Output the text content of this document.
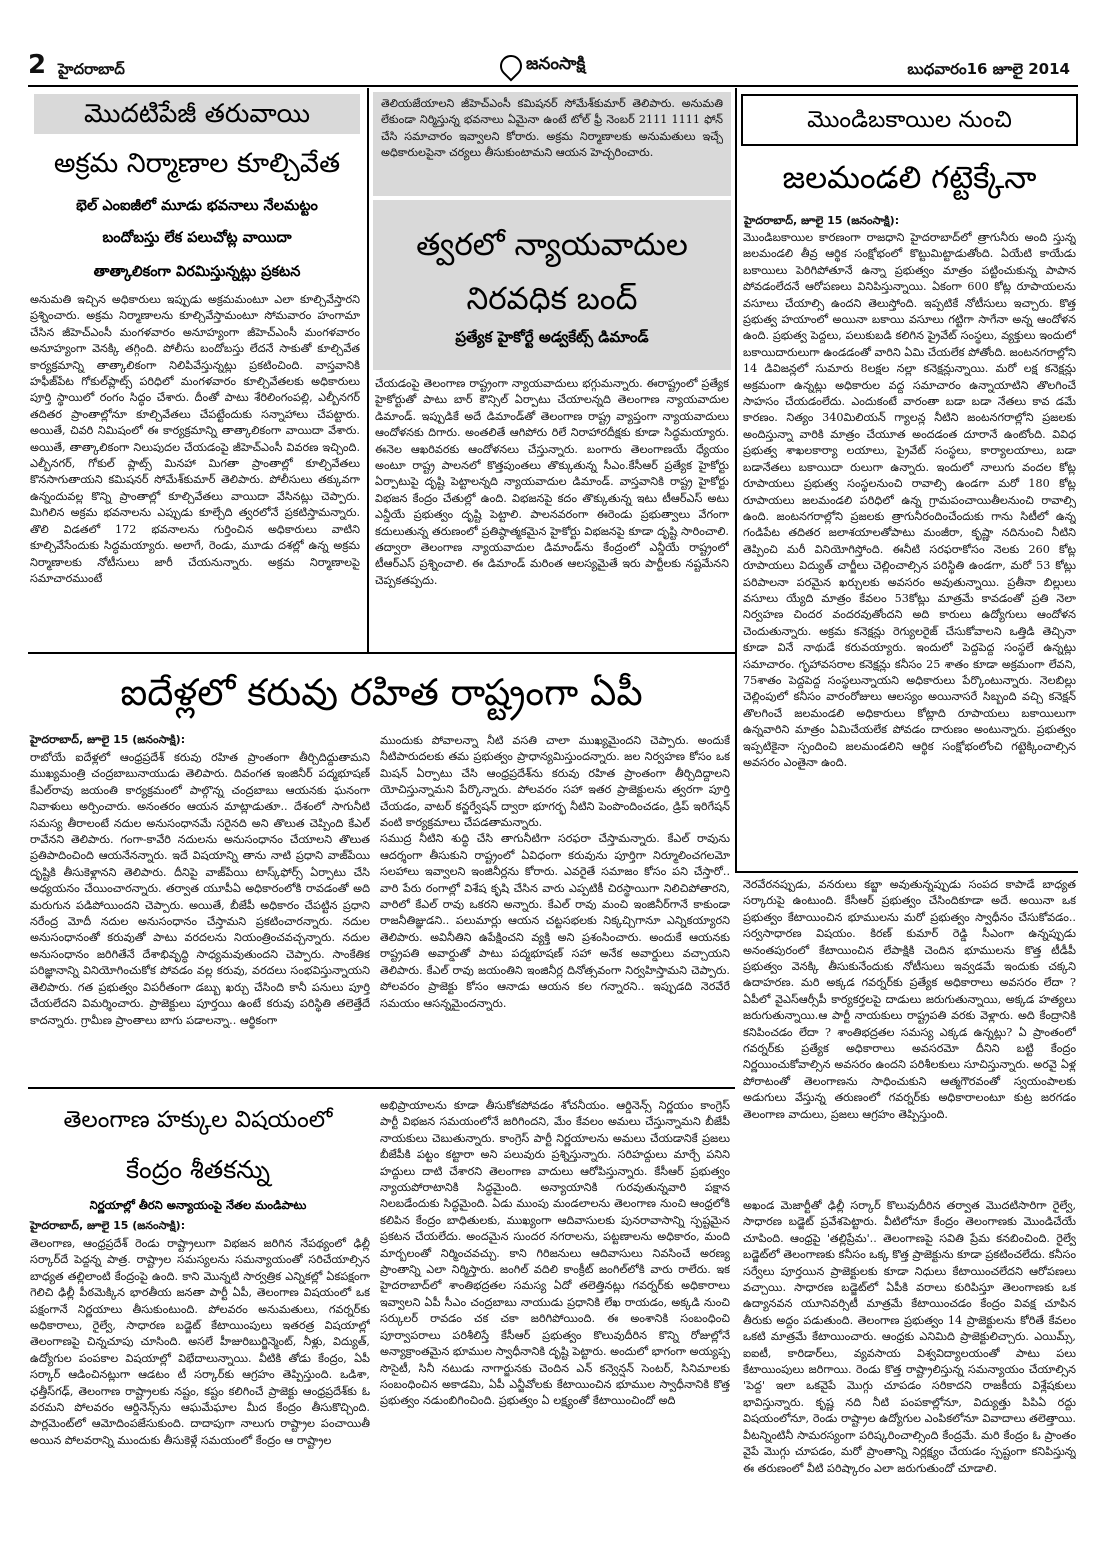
2 హైదరాబాద్	జనంసాక్షి	బుధవారం16 జూలై 2014
మొదటిపేజీ తరువాయి
అక్రమ నిర్మాణాల కూల్చివేత
భెల్ ఎంఐజీలో మూడు భవనాలు నేలమట్టం
బందోబస్తు లేక పలుచోట్ల వాయిదా
తాత్కాలికంగా విరమిస్తున్నట్లు ప్రకటన

అనుమతి ఇచ్చిన అధికారులు ఇప్పుడు అక్రమమంటూ ఎలా కూల్చివేస్తారని ప్రశ్నించారు. అక్రమ నిర్మాణాలను కూల్చివేస్తామంటూ సోమవారం హంగామా చేసిన జీహెచ్‌ఎంసీ మంగళవారం అనూహ్యంగా జీహెచ్‌ఎంసీ మంగళవారం అనూహ్యంగా వెనక్కి తగ్గింది. పోలీసు బందోబస్తు లేదనే సాకుతో కూల్చివేత కార్యక్రమాన్ని తాత్కాలికంగా నిలిపివేస్తున్నట్లు ప్రకటించింది. వాస్తవానికి హఫీజ్‌పేట గోకుల్‌ప్లాట్స్ పరిధిలో మంగళవారం కూల్చివేతలకు అధికారులు పూర్తి స్థాయిలో రంగం సిద్ధం చేశారు. దీంతో పాటు శేరిలింగంపల్లి, ఎల్బీనగర్ తదితర ప్రాంతాల్లోనూ కూల్చివేతలు చేపట్టేందుకు సన్నాహాలు చేపట్టారు. అయితే, చివరి నిమిషంలో ఈ కార్యక్రమాన్ని తాత్కాలికంగా వాయిదా వేశారు. అయితే, తాత్కాలికంగా నిలుపుదల చేయడంపై జీహెచ్‌ఎంసీ వివరణ ఇచ్చింది. ఎల్బీనగర్, గోకుల్ ప్లాట్స్ మినహా మిగతా ప్రాంతాల్లో కూల్చివేతలు కొనసాగుతాయని కమిషనర్ సోమేశ్‌కుమార్ తెలిపారు. పోలీసులు తక్కువగా ఉన్నందువల్ల కొన్ని ప్రాంతాల్లో కూల్చివేతలు వాయిదా వేసినట్లు చెప్పారు. మిగిలిన అక్రమ భవనాలను ఎప్పుడు కూల్చేది త్వరలోనే ప్రకటిస్తామన్నారు. తొలి విడతలో 172 భవనాలను గుర్తించిన అధికారులు వాటిని కూల్చివేసేందుకు సిద్ధమయ్యారు. అలాగే, రెండు, మూడు దశల్లో ఉన్న అక్రమ నిర్మాణాలకు నోటీసులు జారీ చేయనున్నారు. అక్రమ నిర్మాణాలపై సమాచారముంటే

తెలియజేయాలని జీహెచ్‌ఎంసీ కమిషనర్ సోమేశ్‌కుమార్ తెలిపారు. అనుమతి లేకుండా నిర్మిస్తున్న భవనాలు ఏమైనా ఉంటే టోల్ ఫ్రీ నెంబర్ 2111 1111 ఫోన్ చేసి సమాచారం ఇవ్వాలని కోరారు. అక్రమ నిర్మాణాలకు అనుమతులు ఇచ్చే అధికారులపైనా చర్యలు తీసుకుంటామని ఆయన హెచ్చరించారు.

త్వరలో న్యాయవాదుల
నిరవధిక బంద్
ప్రత్యేక హైకోర్టే అడ్వకేట్స్ డిమాండ్

చేయడంపై తెలంగాణ రాష్ట్రంగా న్యాయవాదులు భగ్గుమన్నారు. ఈరాష్ట్రంలో ప్రత్యేక హైకోర్టుతో పాటు బార్ కౌన్సిల్ ఏర్పాటు చేయాలన్నది తెలంగాణ న్యాయవాదుల డిమాండ్. ఇప్పుడికే అదే డిమాండ్‌తో తెలంగాణ రాష్ట్ర వ్యాప్తంగా న్యాయవాదులు ఆందోళనకు దిగారు. అంతలితే ఆగిపోరు రిలే నిరాహారదీక్షకు కూడా సిద్ధమయ్యారు. ఈనెల ఆఖరివరకు ఆందోళనలు చేస్తున్నారు. బంగారు తెలంగాణయే ధ్యేయం అంటూ రాష్ట్ర పాలనలో కొత్తపుంతలు తొక్కుతున్న సీఎం.కేసీఆర్ ప్రత్యేక హైకోర్టు ఏర్పాటుపై దృష్టి పెట్టాలన్నది న్యాయవాదుల డిమాండ్. వాస్తవానికి రాష్ట్ర హైకోర్టు విభజన కేంద్రం చేతుల్లో ఉంది. విభజనపై కదం తొక్కుతున్న ఇటు టీఆర్ఎస్ అటు ఎన్డీయే ప్రభుత్వం దృష్టి పెట్టాలి. పాలనవరంగా ఈరెండు ప్రభుత్వాలు వేగంగా కదులుతున్న తరుణంలో ప్రతిష్ఠాత్మకమైన హైకోర్టు విభజనపై కూడా దృష్టి సారించాలి. తద్వారా తెలంగాణ న్యాయవాదుల డిమాండ్‌ను కేంద్రంలో ఎన్డీయే రాష్ట్రంలో టీఆర్ఎస్ ప్రశ్నించాలి. ఈ డిమాండ్ మరింత ఆలస్యమైతే ఇరు పార్టీలకు నష్టమేనని చెప్పకతప్పదు.

మొండిబకాయిల నుంచి
జలమండలి గట్టెక్కేనా
హైదరాబాద్, జూలై 15 (జనంసాక్షి):

మొండిబకాయిల కారణంగా రాజధాని హైదరాబాద్‌లో త్రాగునీరు అంది స్తున్న జలమండలి తీవ్ర ఆర్థిక సంక్షోభంలో కొట్టుమిట్టాడుతోంది. ఏయేటి కాయేడు బకాయిలు పెరిగిపోతూనే ఉన్నా ప్రభుత్వం మాత్రం పట్టించుకున్న పాపాన పోవడంలేదనే ఆరోపణలు వినిపిస్తున్నాయి. ఏకంగా 600 కోట్ల రూపాయలను వసూలు చేయాల్సి ఉందని తెలుస్తోంది. ఇప్పటికే నోటీసులు ఇచ్చారు. కొత్త ప్రభుత్వ హయాంలో అయినా బకాయి వసూలు గట్టిగా సాగేనా అన్న ఆందోళన ఉంది. ప్రభుత్వ పెద్దలు, పలుకుబడి కలిగిన ప్రైవేట్ సంస్థలు, వ్యక్తులు ఇందులో బకాయిదారులుగా ఉండడంతో వారిని ఏమి చేయలేక పోతోంది. జంటనగరాల్లోని 14 డివిజన్లలో సుమారు 8లక్షల నల్లా కనెక్షన్లున్నాయి. మరో లక్ష కనెక్షన్లు అక్రమంగా ఉన్నట్లు అధికారుల వద్ద సమాచారం ఉన్నాయాటిని తొలగించే సాహసం చేయడంలేదు. ఎందుకంటే వారంతా బడా బడా నేతలు కావ డమే కారణం. నిత్యం 340మిలియన్ గ్యాలన్ల నీటిని జంటనగరాల్లోని ప్రజలకు అందిస్తున్నా వారికి మాత్రం చేయూత అందడంత దూరానే ఉంటోంది. వివిధ ప్రభుత్వ శాఖలకార్యా లయాలు, ప్రైవేట్ సంస్థలు, కార్యాలయాలు, బడా బడానేతలు బకాయిదా రులుగా ఉన్నారు. ఇందులో నాలుగు వందల కోట్ల రూపాయలు ప్రభుత్వ సంస్థలనుంచి రావాల్సి ఉండగా మరో 180 కోట్ల రూపాయలు జలమండలి పరిధిలో ఉన్న గ్రామపంచాయితీలనుంచి రావాల్సి ఉంది. జంటనగరాల్లోని ప్రజలకు త్రాగునీరందించేందుకు గాను సిటీలో ఉన్న గండిపేట తదితర జలాశయాలతోపాటు మంజీరా, కృష్ణా నదినుంచి నీటిని తెప్పించి మరీ వినియోగిస్తోంది. ఈనీటి సరఫరాకోసం నెలకు 260 కోట్ల రూపాయలు విద్యుత్ చార్జీలు చెల్లించాల్సిన పరిస్థితి ఉండగా, మరో 53 కోట్లు పరిపాలనా పరమైన ఖర్చులకు అవసరం అవుతున్నాయి. ప్రతీనా బిల్లులు వసూలు య్యేది మాత్రం కేవలం 53కోట్లు మాత్రమే కావడంతో ప్రతి నెలా నిర్వహణ చిందర వందరవుతోందని అది కారులు ఉద్యోగులు ఆందోళన చెందుతున్నారు. అక్రమ కనెక్షన్లు రెగ్యులరైజ్ చేసుకోవాలని ఒత్తిడి తెచ్చినా కూడా వినే నాథుడే కరువయ్యారు. ఇందులో పెద్దపెద్ద సంస్థలే ఉన్నట్లు సమాచారం. గృహావసరాల కనెక్షన్లు కనీసం 25 శాతం కూడా అక్రమంగా లేవని, 75శాతం పెద్దపెద్ద సంస్థలున్నాయని అధికారులు పేర్కొంటున్నారు. నెలబిల్లు చెల్లింపులో కనీసం వారంరోజులు ఆలస్యం అయినాసరే సిబ్బంది వచ్చి కనెక్షన్ తొలగించే జలమండలి అధికారులు కోట్లాది రూపాయలు బకాయిలుగా ఉన్నవారిని మాత్రం ఏమిచేయలేక పోవడం దారుణం అంటున్నారు. ప్రభుత్వం ఇప్పటికైనా స్పందించి జలమండలిని ఆర్థిక సంక్షోభంలోంచి గట్టెక్కించాల్సిన అవసరం ఎంతైనా ఉంది.

నెరవేరనప్పుడు, వనరులు కబ్జా అవుతున్నప్పుడు సంపద కాపాడే బాధ్యత సర్కారుపై ఉంటుంది. కేసీఆర్ ప్రభుత్వం చేసిందికూడా అదే. అయినా ఒక ప్రభుత్వం కేటాయించిన భూములను మరో ప్రభుత్వం స్వాధీనం చేసుకోవడం.. సర్వసాధారణ విషయం. కిరణ్ కుమార్ రెడ్డి సీఎంగా ఉన్నప్పుడు అనంతపురంలో కేటాయించిన లేపాక్షికి చెందిన భూములను కొత్త టీడీపీ ప్రభుత్వం వెనక్కి తీసుకునేందుకు నోటీసులు ఇవ్వడమే ఇందుకు చక్కని ఉదాహరణ. మరి అక్కడ గవర్నర్‌కు ప్రత్యేక అధికారాలు అవసరం లేదా ? ఏపీలో వైఎస్ఆర్సీపీ కార్యకర్తలపై దాడులు జరుగుతున్నాయి, అక్కడ హత్యలు జరుగుతున్నాయి.ఆ పార్టీ నాయకులు రాష్ట్రపతి వరకు వెళ్లారు. అది కేంద్రానికి కనిపించడం లేదా ? శాంతిభద్రతల సమస్య ఎక్కడ ఉన్నట్లు? ఏ ప్రాంతంలో గవర్నర్‌కు ప్రత్యేక అధికారాలు అవసరమో దీనిని బట్టి కేంద్రం నిర్ణయించుకోవాల్సిన అవసరం ఉందని పరిశీలకులు సూచిస్తున్నారు. అరవై ఏళ్ల పోరాటంతో తెలంగాణను సాధించుకుని ఆత్మగౌరవంతో స్వయంపాలకు అడుగులు వేస్తున్న తరుణంలో గవర్నర్‌కు అధికారాలంటూ కుట్ర జరగడం తెలంగాణ వాదులు, ప్రజలు ఆగ్రహం తెప్పిస్తుంది.

అఖండ మెజార్టీతో ఢిల్లీ సర్కార్ కొలువుదీరిన తర్వాత మొదటిసారిగా రైల్వే, సాధారణ బడ్జెట్ ప్రవేశపెట్టారు. వీటిలోనూ కేంద్రం తెలంగాణకు మొండిచేయే చూపింది. ఆంధ్రపై 'తల్లిప్రేమ'.. తెలంగాణపై సవితి ప్రేమ కనబించింది. రైల్వే బడ్జెట్‌లో తెలంగాణకు కనీసం ఒక్క కొత్త ప్రాజెక్టును కూడా ప్రకటించలేదు. కనీసం సర్వేలు పూర్తయిన ప్రాజెక్టులకు కూడా నిధులు కేటాయించలేదని ఆరోపణలు వచ్చాయి. సాధారణ బడ్జెట్‌లో ఏపీకి వరాలు కురిపిస్తూ తెలంగాణకు ఒక ఉద్యానవన యూనివర్సిటీ మాత్రమే కేటాయించడం కేంద్రం వివక్ష చూపిన తీరుకు అద్దం పడుతుంది. తెలంగాణ ప్రభుత్వం 14 ప్రాజెక్టులను కోరితే కేవలం ఒకటి మాత్రమే కేటాయించారు. ఆంధ్రకు ఎనిమిది ప్రాజెక్టులిచ్చారు. ఎయిమ్స్, ఐఐటీ, కారిడార్‌లు, వ్యవసాయ విశ్వవిద్యాలయంతో పాటు పలు కేటాయింపులు జరిగాయి. రెండు కొత్త రాష్ట్రాలిస్తున్న సమన్యాయం చేయాల్సిన 'పెద్ద' ఇలా ఒకవైపే మొగ్గు చూపడం సరికాదని రాజకీయ విశ్లేషకులు భావిస్తున్నారు. కృష్ణ నది నీటి పంపకాల్లోనూ, విద్యుత్తు పిపిఏ రద్దు విషయంలోనూ, రెండు రాష్ట్రాల ఉద్యోగుల ఎంపికలోనూ వివాదాలు తలెత్తాయి. వీటన్నింటినీ సామరస్యంగా పరిష్కరించాల్సింది కేంద్రమే. మరి కేంద్రం ఓ ప్రాంతం వైపే మొగ్గు చూపడం, మరో ప్రాంతాన్ని నిర్లక్ష్యం చేయడం స్పష్టంగా కనిపిస్తున్న ఈ తరుణంలో వీటి పరిష్కారం ఎలా జరుగుతుందో చూడాలి.

ఐదేళ్లలో కరువు రహిత రాష్ట్రంగా ఏపీ
హైదరాబాద్, జూలై 15 (జనంసాక్షి):

రాబోయే ఐదేళ్లలో ఆంధ్రప్రదేశ్ కరువు రహిత ప్రాంతంగా తీర్చిదిద్దుతామని ముఖ్యమంత్రి చంద్రబాబునాయుడు తెలిపారు. దివంగత ఇంజినీర్ పద్మభూషణ్ కేఎల్‌రావు జయంతి కార్యక్రమంలో పాల్గొన్న చంద్రబాబు ఆయనకు ఘనంగా నివాళులు అర్పించారు. అనంతరం ఆయన మాట్లాడుతూ.. దేశంలో సాగునీటి సమస్య తీరాలంటే నదుల అనుసంధానమే సరైనది అని తొలుత చెప్పింది కేఎల్ రావేనని తెలిపారు. గంగా-కావేరి నదులను అనుసంధానం చేయాలని తొలుత ప్రతిపాదించింది ఆయనేనన్నారు. ఇదే విషయాన్ని తాను నాటి ప్రధాని వాజ్‌పేయి దృష్టికి తీసుకెళ్లానని తెలిపారు. దీనిపై వాజ్‌పేయి టాస్క్‌ఫోర్స్ ఏర్పాటు చేసి అధ్యయనం చేయించారన్నారు. తర్వాత యూపీఏ అధికారంలోకి రావడంతో అది మరుగున పడిపోయిందని చెప్పారు. అయితే, బీజేపీ అధికారం చేపట్టిన ప్రధాని నరేంద్ర మోదీ నదుల అనుసంధానం చేస్తామని ప్రకటించారన్నారు. నదుల అనుసంధానంతో కరువుతో పాటు వరదలను నియంత్రించవచ్చన్నారు. నదుల అనుసంధానం జరిగితేనే దేశాభివృద్ధి సాధ్యమవుతుందని చెప్పారు. సాంకేతిక పరిజ్ఞానాన్ని వినియోగించుకోక పోవడం వల్ల కరువు, వరదలు సంభవిస్తున్నాయని తెలిపారు. గత ప్రభుత్వం విపరీతంగా డబ్బు ఖర్చు చేసింది కానీ పనులు పూర్తి చేయలేదని విమర్శించారు. ప్రాజెక్టులు పూర్తయి ఉంటే కరువు పరిస్థితి తలెత్తేదే కాదన్నారు. గ్రామీణ ప్రాంతాలు బాగు పడాలన్నా.. ఆర్థికంగా

ముందుకు పోవాలన్నా నీటి వసతి చాలా ముఖ్యమైందని చెప్పారు. అందుకే నీటిపారుదలకు తమ ప్రభుత్వం ప్రాధాన్యమిస్తుందన్నారు. జల నిర్వహణ కోసం ఒక మిషన్ ఏర్పాటు చేసి ఆంధ్రప్రదేశ్‌ను కరువు రహిత ప్రాంతంగా తీర్చిదిద్దాలని యోచిస్తున్నామని పేర్కొన్నారు. పోలవరం సహా ఇతర ప్రాజెక్టులను త్వరగా పూర్తి చేయడం, వాటర్ కన్జర్వేషన్ ద్వారా భూగర్భ నీటిని పెంపొందించడం, డ్రిప్ ఇరిగేషన్ వంటి కార్యక్రమాలు చేపడతామన్నారు.
సముద్ర నీటిని శుద్ధి చేసి తాగునీటిగా సరఫరా చేస్తామన్నారు. కేఎల్ రావును ఆదర్శంగా తీసుకుని రాష్ట్రంలో ఏవిధంగా కరువును పూర్తిగా నిర్మూలించగలమో సలహాలు ఇవ్వాలని ఇంజినీర్లను కోరారు. ఎవరైతే సమాజం కోసం పని చేస్తారో.. వారి పేరు రంగాల్లో విశేష కృషి చేసిన వారు ఎప్పటికీ చిరస్థాయిగా నిలిచిపోతారని, వారిలో కేఎల్ రావు ఒకరని అన్నారు. కేఎల్ రావు మంచి ఇంజినీర్‌గానే కాకుండా రాజనీతిజ్ఞుడని.. పలుమార్లు ఆయన చట్టసభలకు నిక్కచ్చిగానూ ఎన్నికయ్యారని తెలిపారు. అవినీతిని ఉపేక్షించని వ్యక్తి అని ప్రశంసించారు. అందుకే ఆయనకు రాష్ట్రపతి అవార్డుతో పాటు పద్మభూషణ్ సహా అనేక అవార్డులు వచ్చాయని తెలిపారు. కేఎల్ రావు జయంతిని ఇంజినీర్ల దినోత్సవంగా నిర్వహిస్తామని చెప్పారు. పోలవరం ప్రాజెక్టు కోసం ఆనాడు ఆయన కల గన్నారని.. ఇప్పుడది నెరవేరే సమయం ఆసన్నమైందన్నారు.

తెలంగాణ హక్కుల విషయంలో
కేంద్రం శీతకన్ను
నిర్ణయాల్లో తీరని అన్యాయంపై నేతల మండిపాటు
హైదరాబాద్, జూలై 15 (జనంసాక్షి):

తెలంగాణ, ఆంధ్రప్రదేశ్ రెండు రాష్ట్రాలుగా విభజన జరిగిన నేపథ్యంలో ఢిల్లీ సర్కార్‌దే పెద్దన్న పాత్ర. రాష్ట్రాల సమస్యలను సమన్యాయంతో సరిచేయాల్సిన బాధ్యత తల్లిలాంటి కేంద్రంపై ఉంది. కాని మొన్నటి సార్వత్రిక ఎన్నికల్లో ఏకపక్షంగా గెలిచి ఢిల్లీ పీఠమెక్కిన భారతీయ జనతా పార్టీ ఏపీ, తెలంగాణ విషయంలో ఒక పక్షంగానే నిర్ణయాలు తీసుకుంటుంది. పోలవరం అనుమతులు, గవర్నర్‌కు అధికారాలు, రైల్వే, సాధారణ బడ్జెట్ కేటాయింపులు ఇతరత్ర విషయాల్లో తెలంగాణపై చిన్నచూపు చూసింది. అసలే హీజురిబుర్జిన్మెంట్, నీళ్లు, విద్యుత్, ఉద్యోగుల పంపకాల విషయాల్లో విభేదాలున్నాయి. వీటికి తోడు కేంద్రం, ఏపీ సర్కార్ ఆడించినట్లుగా ఆడటం టీ సర్కార్‌కు ఆగ్రహం తెప్పిస్తుంది. ఒడిశా, ఛత్తీస్‌గఢ్, తెలంగాణ రాష్ట్రాలకు నష్టం, కష్టం కలిగించే ప్రాజెక్టు ఆంధ్రప్రదేశ్‌కు ఓ వరమని పోలవరం ఆర్డినెన్స్‌ను ఆఘమేఘాల మీద కేంద్రం తీసుకొచ్చింది. పార్లమెంట్‌లో ఆమోదింపజేసుకుంది. దాదాపుగా నాలుగు రాష్ట్రాల పంచాయితీ అయిన పోలవరాన్ని ముందుకు తీసుకెళ్లే సమయంలో కేంద్రం ఆ రాష్ట్రాల

అభిప్రాయాలను కూడా తీసుకోకపోవడం శోచనీయం. ఆర్డినెన్స్ నిర్ణయం కాంగ్రెస్ పార్టీ విభజన సమయంలోనే జరిగిందని, మేం కేవలం అమలు చేస్తున్నామని బీజేపీ నాయకులు చెబుతున్నారు. కాంగ్రెస్ పార్టీ నిర్ణయాలను అమలు చేయడానికే ప్రజలు బీజేపీకి పట్టం కట్టారా అని పలువురు ప్రశ్నిస్తున్నారు. సరిహద్దులు మార్చే పనిని హద్దులు దాటి చేశారని తెలంగాణ వాదులు ఆరోపిస్తున్నారు. కేసీఆర్ ప్రభుత్వం న్యాయపోరాటానికి సిద్ధమైంది. అన్యాయానికి గురవుతున్నవారి పక్షాన నిలబడేందుకు సిద్ధమైంది. ఏడు ముంపు మండలాలను తెలంగాణ నుంచి ఆంధ్రలోకి కలిపిన కేంద్రం బాధితులకు, ముఖ్యంగా ఆదివాసులకు పునరావాసాన్ని స్పష్టమైన ప్రకటన చేయలేదు. అందమైన సుందర నగరాలను, పట్టణాలను అధికారం, మంది మార్బలంతో నిర్మించవచ్చు. కాని గిరిజనులు ఆదివాసులు నివసించే అరణ్య ప్రాంతాన్ని ఎలా నిర్మిస్తారు. జంగిల్ వదిలి కాంక్రీట్ జంగిల్‌లోకి వారు రాలేరు. ఇక హైదరాబాద్‌లో శాంతిభద్రతల సమస్య ఏదో తలెత్తినట్లు గవర్నర్‌కు అధికారాలు ఇవ్వాలని ఏపీ సీఎం చంద్రబాబు నాయుడు ప్రధానికి లేఖ రాయడం, అక్కడి నుంచి సర్కులర్ రావడం చక చకా జరిగిపోయింది. ఈ అంశానికి సంబంధించి పూర్వాపరాలు పరిశీలిస్తే కేసీఆర్ ప్రభుత్వం కొలువుదీరిన కొన్ని రోజుల్లోనే అన్యాక్రాంతమైన భూముల స్వాధీనానికి దృష్టి పెట్టారు. అందులో భాగంగా అయ్యప్ప సొసైటీ, సినీ నటుడు నాగార్జునకు చెందిన ఎన్ కన్వెన్షన్ సెంటర్, సినిమాలకు సంబంధించిన అకాడమి, ఏపీ ఎన్జీవోలకు కేటాయించిన భూముల స్వాధీనానికి కొత్త ప్రభుత్వం నడుంబిగించింది. ప్రభుత్వం ఏ లక్ష్యంతో కేటాయించిందో అది
